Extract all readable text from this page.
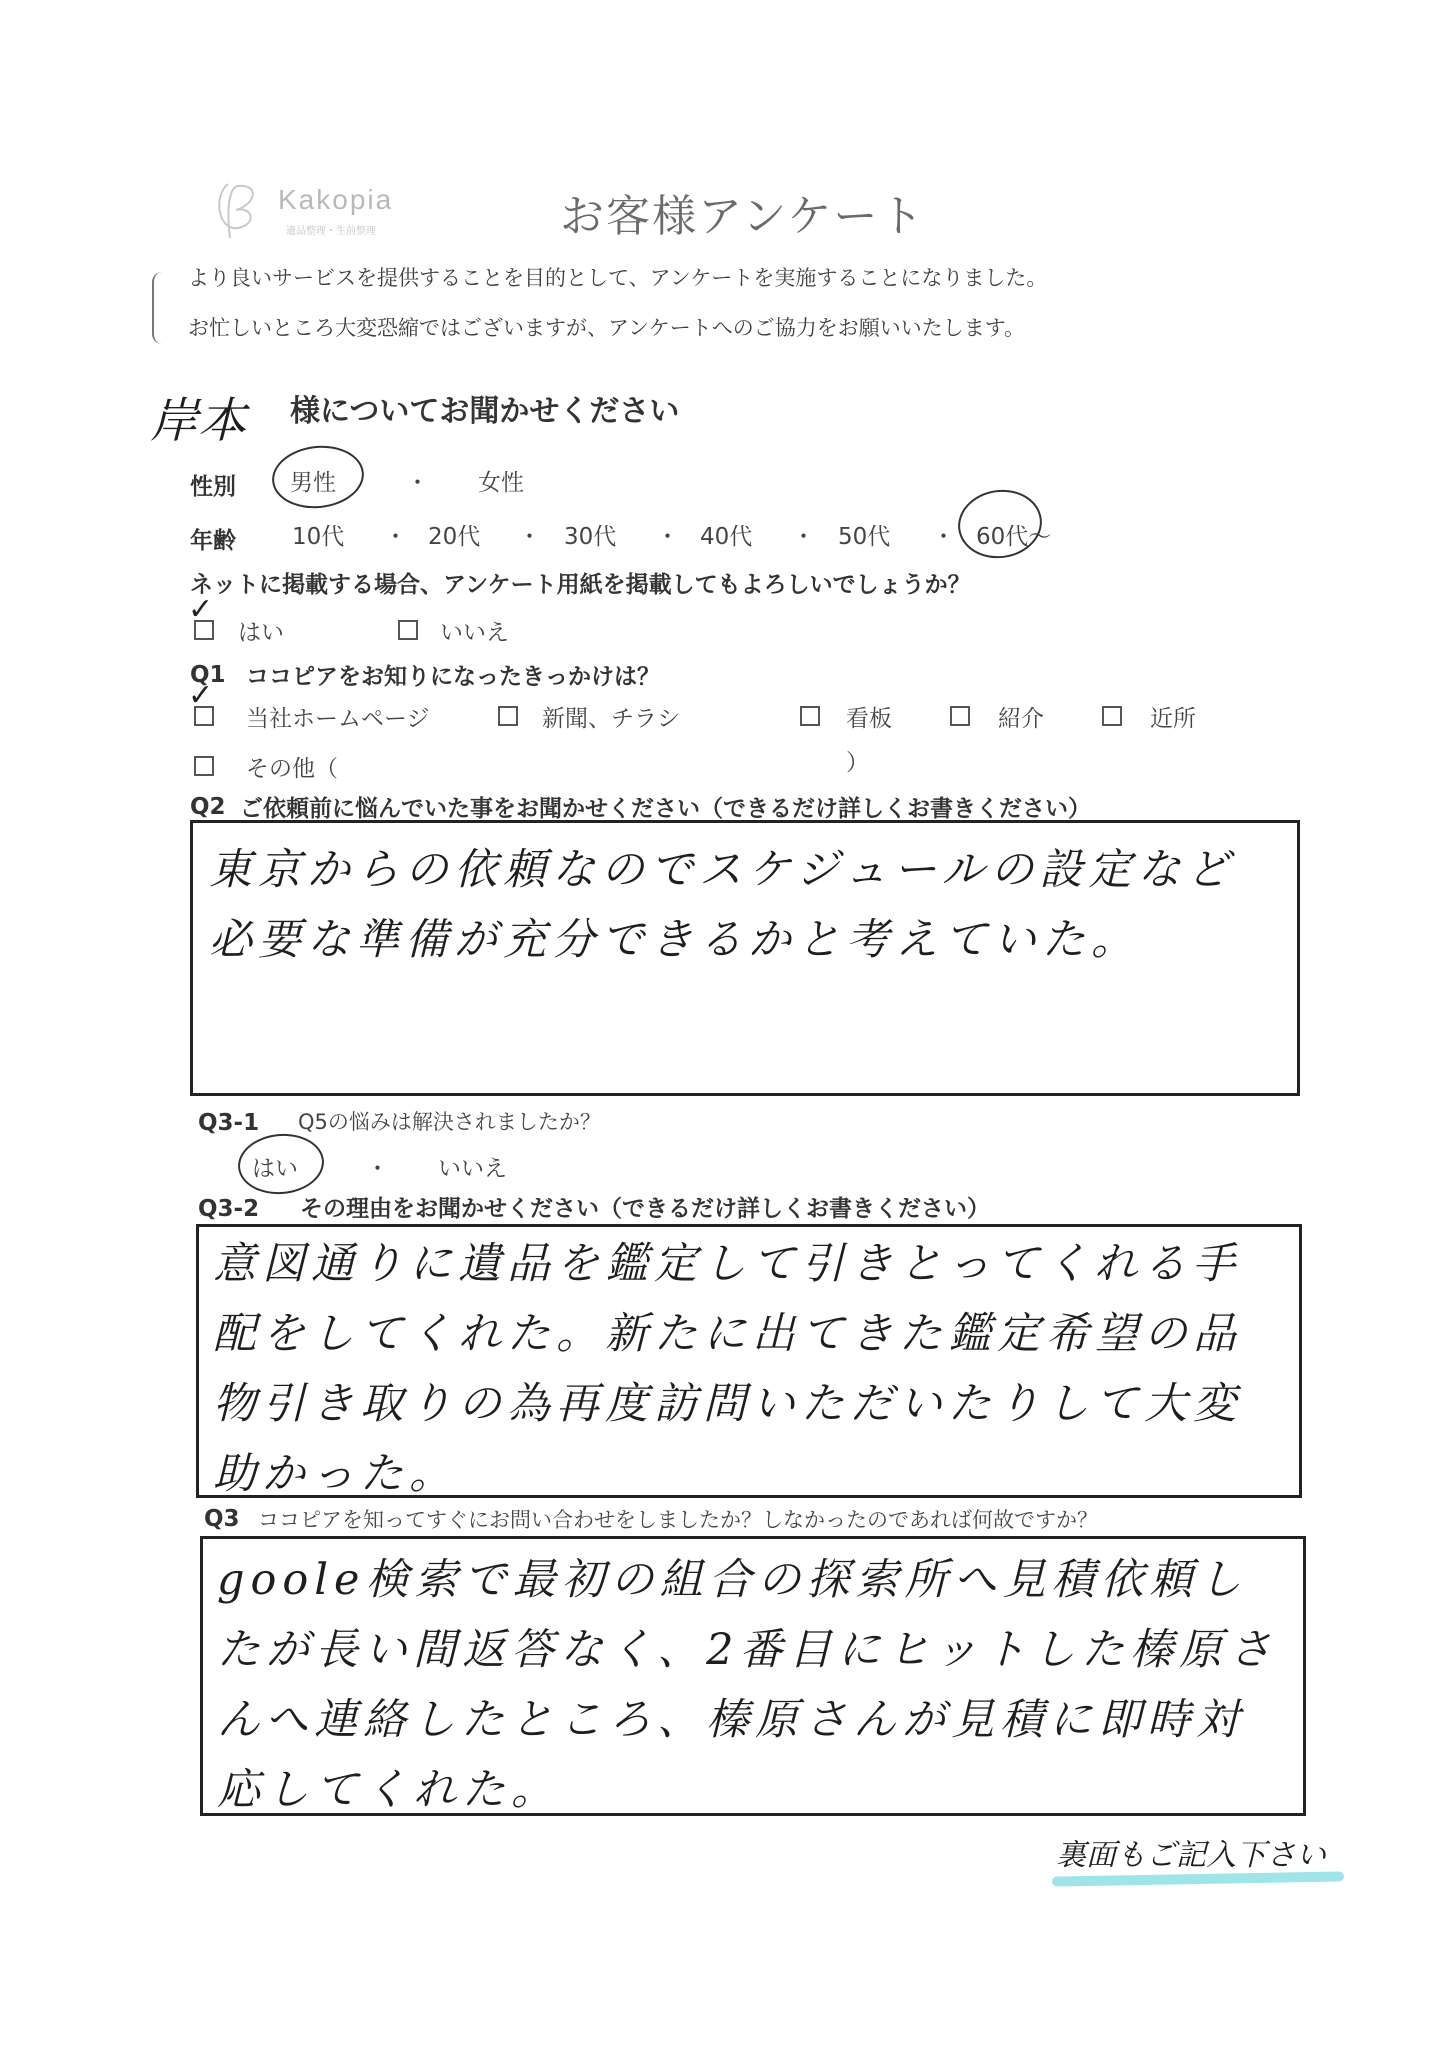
Kakopia
遺品整理・生前整理	お客様アンケート
より良いサービスを提供することを目的として、アンケートを実施することになりました。
お忙しいところ大変恐縮ではございますが、アンケートへのご協力をお願いいたします。
岸本 様についてお聞かせください
性別 男性	・ 女性
年齢 10代 ・ 20代 ・ 30代 ・ 40代 ・ 50代 ・ 60代〜
ネットに掲載する場合、アンケート用紙を掲載してもよろしいでしょうか？
✓
はい	いいえ
Q1 ココピアをお知りになったきっかけは？
✓
当社ホームページ	新聞、チラシ	看板	紹介	近所
その他（	）
Q2 ご依頼前に悩んでいた事をお聞かせください（できるだけ詳しくお書きください）
東京からの依頼なのでスケジュールの設定など必要な準備が充分できるかと考えていた。
Q3-1 Q5の悩みは解決されましたか？
はい	・ いいえ
Q3-2 その理由をお聞かせください（できるだけ詳しくお書きください）
意図通りに遺品を鑑定して引きとってくれる手配をしてくれた。新たに出てきた鑑定希望の品物引き取りの為再度訪問いただいたりして大変助かった。
Q3 ココピアを知ってすぐにお問い合わせをしましたか？しなかったのであれば何故ですか？
goole検索で最初の組合の探索所へ見積依頼したが長い間返答なく、2番目にヒットした榛原さんへ連絡したところ、榛原さんが見積に即時対応してくれた。
裏面もご記入下さい
